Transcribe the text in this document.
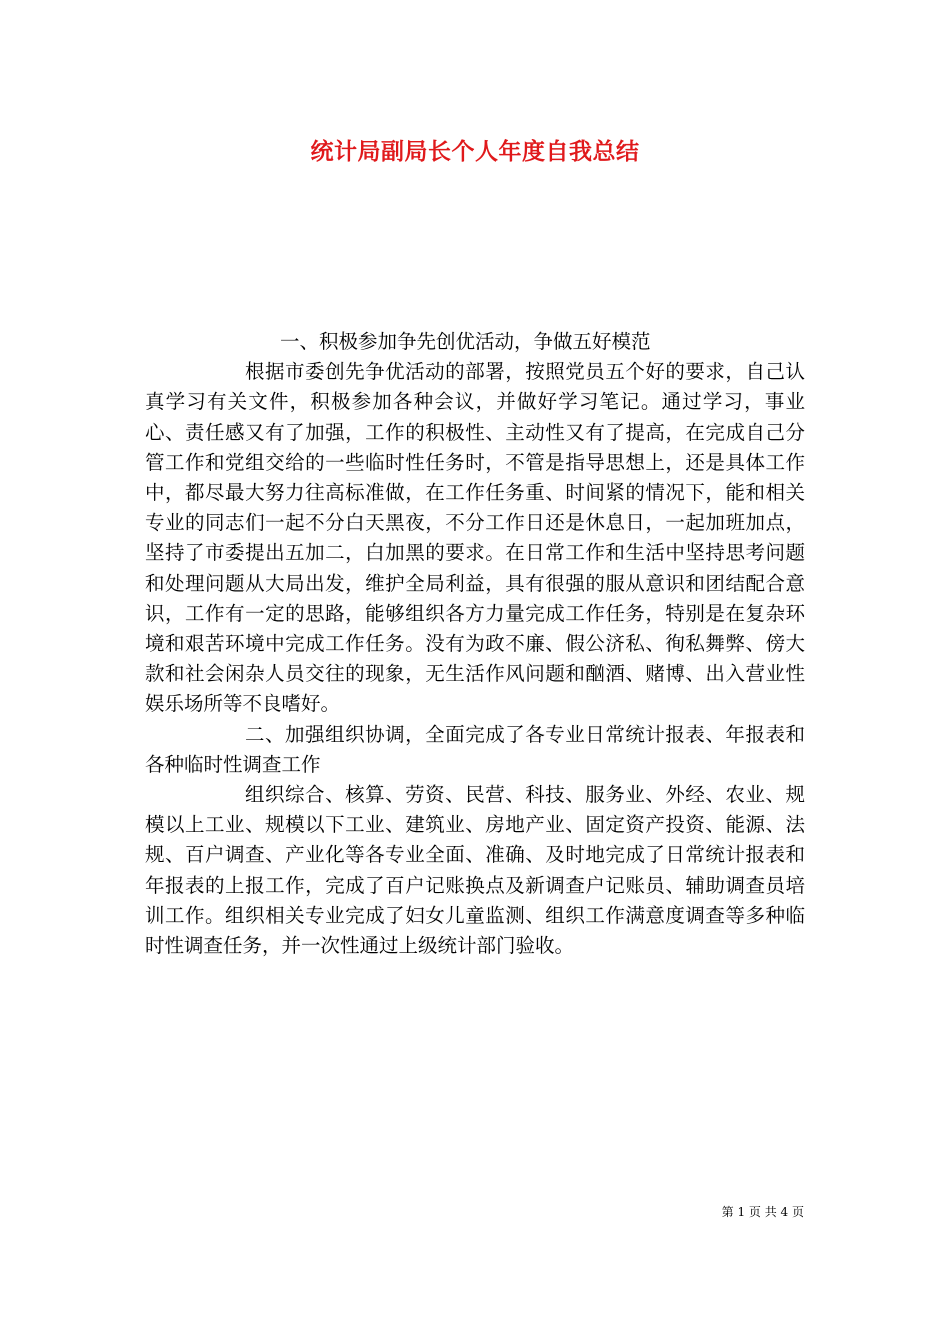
统计局副局长个人年度自我总结

一、积极参加争先创优活动，争做五好模范

根据市委创先争优活动的部署，按照党员五个好的要求，自己认真学习有关文件，积极参加各种会议，并做好学习笔记。通过学习，事业心、责任感又有了加强，工作的积极性、主动性又有了提高，在完成自己分管工作和党组交给的一些临时性任务时，不管是指导思想上，还是具体工作中，都尽最大努力往高标准做，在工作任务重、时间紧的情况下，能和相关专业的同志们一起不分白天黑夜，不分工作日还是休息日，一起加班加点，坚持了市委提出五加二，白加黑的要求。在日常工作和生活中坚持思考问题和处理问题从大局出发，维护全局利益，具有很强的服从意识和团结配合意识，工作有一定的思路，能够组织各方力量完成工作任务，特别是在复杂环境和艰苦环境中完成工作任务。没有为政不廉、假公济私、徇私舞弊、傍大款和社会闲杂人员交往的现象，无生活作风问题和酗酒、赌博、出入营业性娱乐场所等不良嗜好。

二、加强组织协调，全面完成了各专业日常统计报表、年报表和各种临时性调查工作

组织综合、核算、劳资、民营、科技、服务业、外经、农业、规模以上工业、规模以下工业、建筑业、房地产业、固定资产投资、能源、法规、百户调查、产业化等各专业全面、准确、及时地完成了日常统计报表和年报表的上报工作，完成了百户记账换点及新调查户记账员、辅助调查员培训工作。组织相关专业完成了妇女儿童监测、组织工作满意度调查等多种临时性调查任务，并一次性通过上级统计部门验收。

第 1 页 共 4 页
